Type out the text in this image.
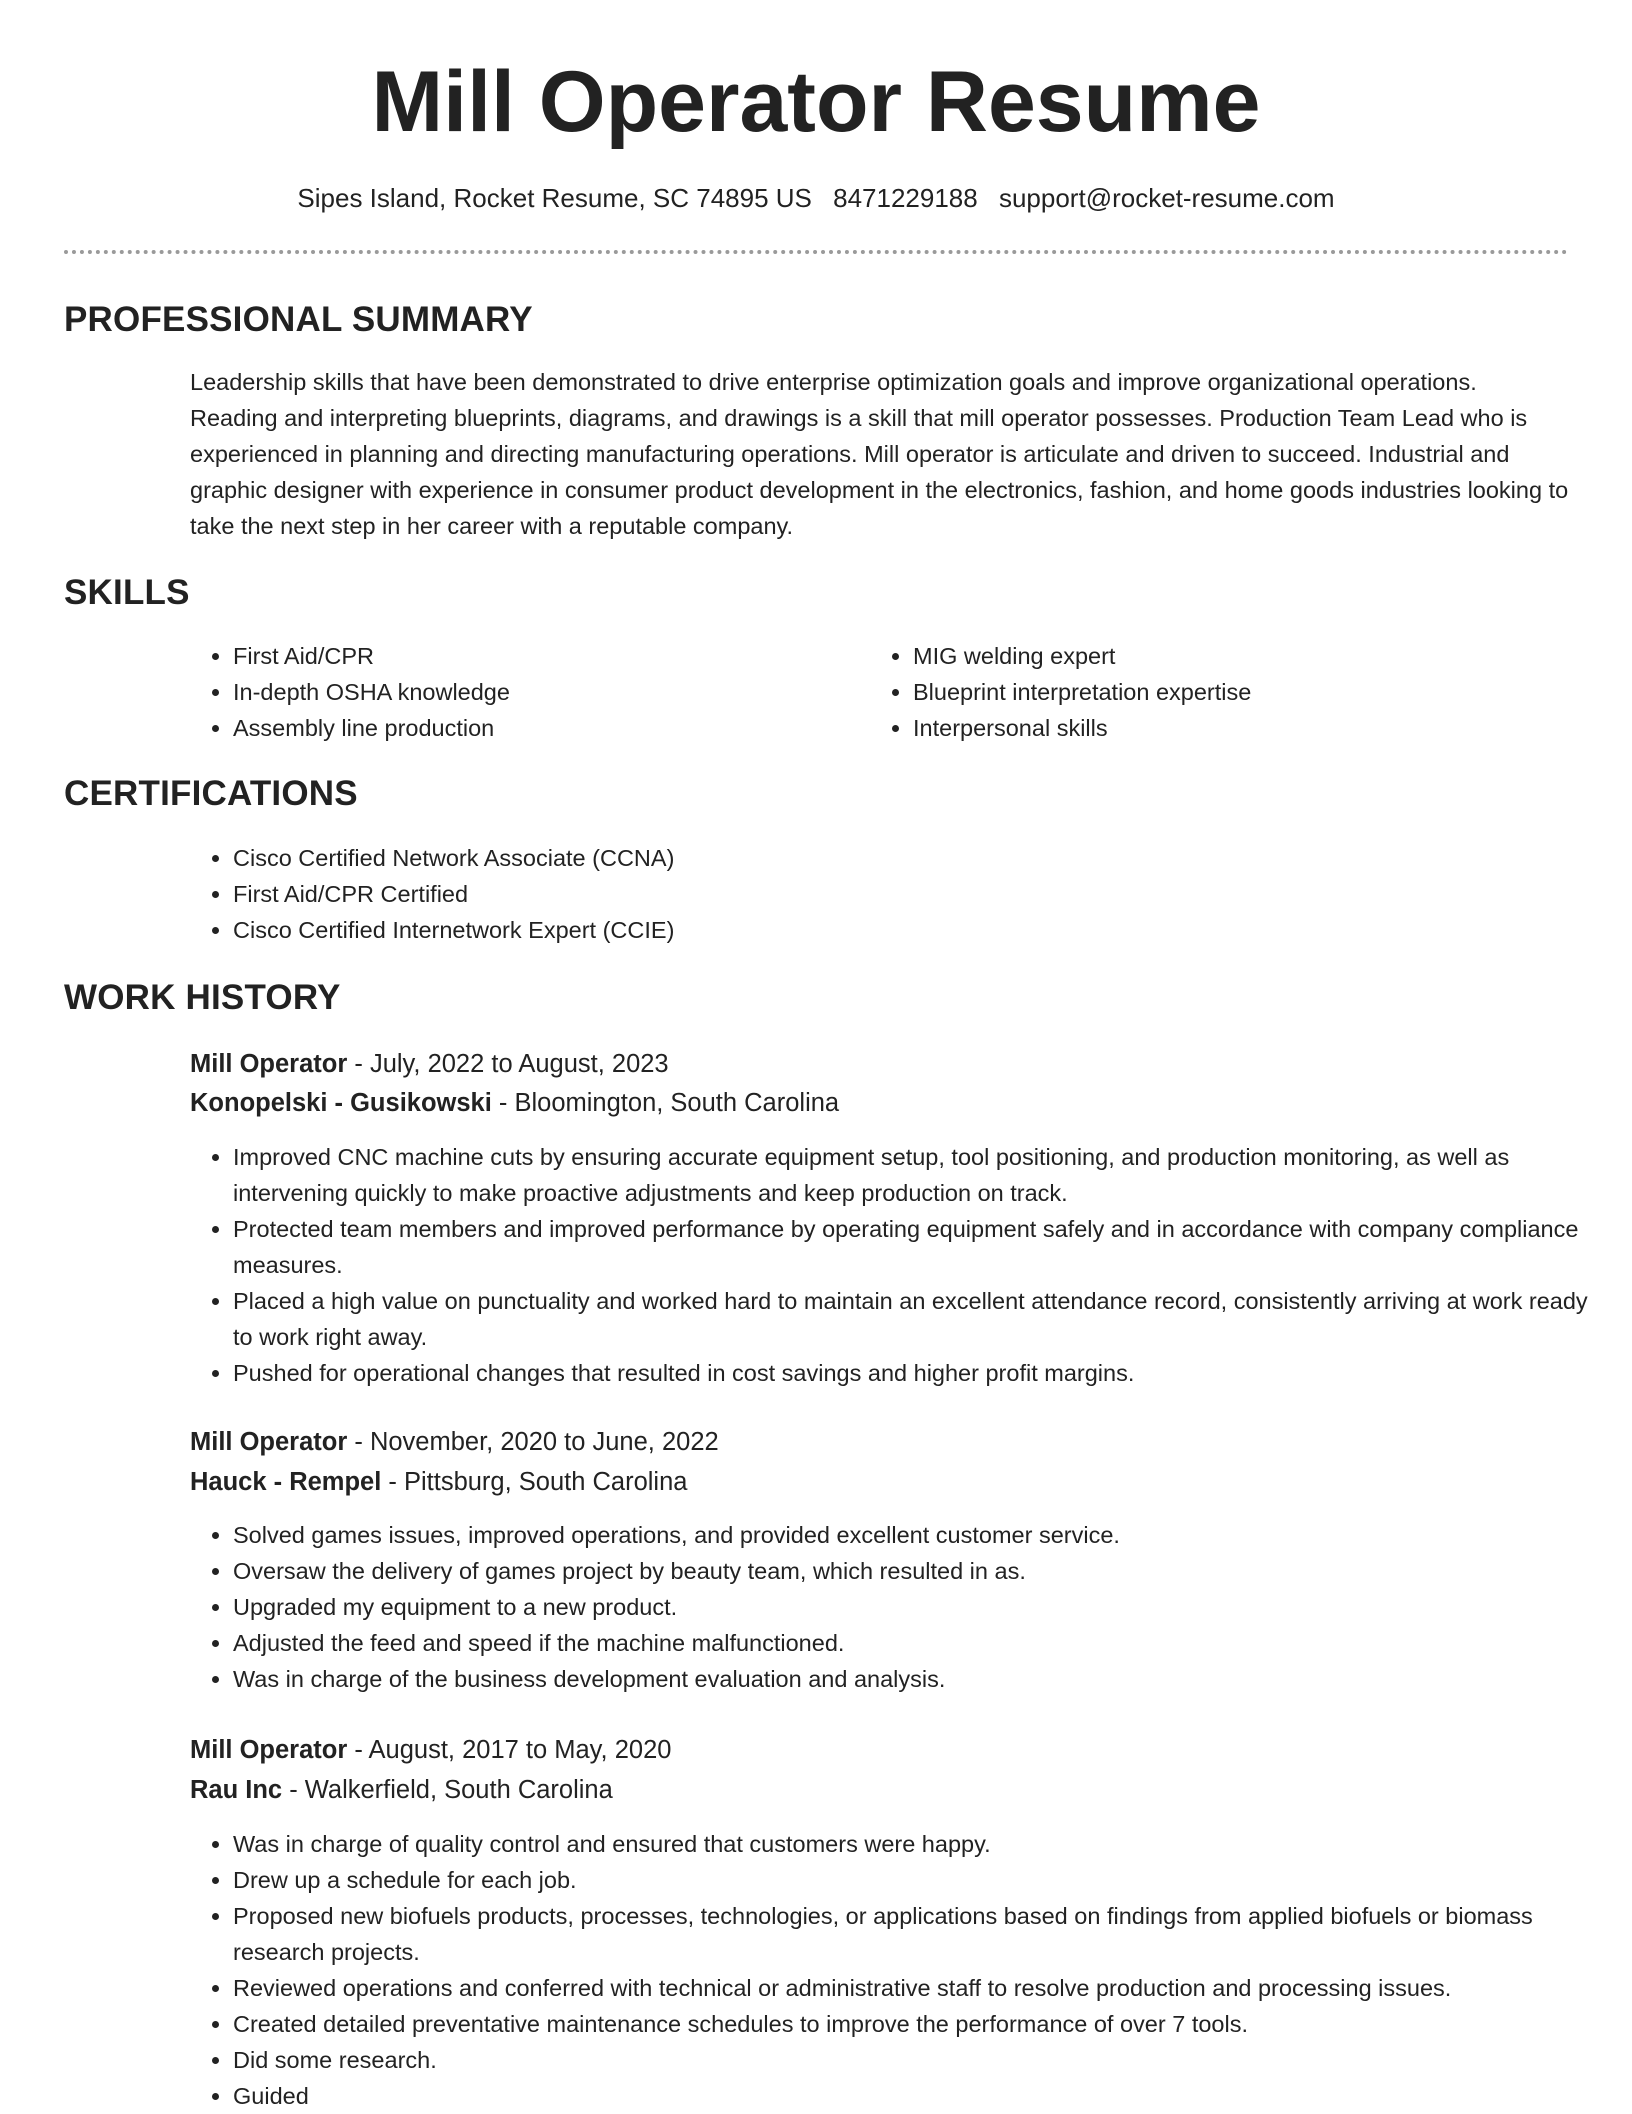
Mill Operator Resume
Sipes Island, Rocket Resume, SC 74895 US 8471229188 support@rocket-resume.com
PROFESSIONAL SUMMARY

Leadership skills that have been demonstrated to drive enterprise optimization goals and improve organizational operations. Reading and interpreting blueprints, diagrams, and drawings is a skill that mill operator possesses. Production Team Lead who is experienced in planning and directing manufacturing operations. Mill operator is articulate and driven to succeed. Industrial and graphic designer with experience in consumer product development in the electronics, fashion, and home goods industries looking to take the next step in her career with a reputable company.

SKILLS
• First Aid/CPR
• In-depth OSHA knowledge
• Assembly line production
• MIG welding expert
• Blueprint interpretation expertise
• Interpersonal skills
CERTIFICATIONS
• Cisco Certified Network Associate (CCNA)
• First Aid/CPR Certified
• Cisco Certified Internetwork Expert (CCIE)
WORK HISTORY
Mill Operator - July, 2022 to August, 2023
Konopelski - Gusikowski - Bloomington, South Carolina
• Improved CNC machine cuts by ensuring accurate equipment setup, tool positioning, and production monitoring, as well as intervening quickly to make proactive adjustments and keep production on track.
• Protected team members and improved performance by operating equipment safely and in accordance with company compliance measures.
• Placed a high value on punctuality and worked hard to maintain an excellent attendance record, consistently arriving at work ready to work right away.
• Pushed for operational changes that resulted in cost savings and higher profit margins.
Mill Operator - November, 2020 to June, 2022
Hauck - Rempel - Pittsburg, South Carolina
• Solved games issues, improved operations, and provided excellent customer service.
• Oversaw the delivery of games project by beauty team, which resulted in as.
• Upgraded my equipment to a new product.
• Adjusted the feed and speed if the machine malfunctioned.
• Was in charge of the business development evaluation and analysis.
Mill Operator - August, 2017 to May, 2020
Rau Inc - Walkerfield, South Carolina
• Was in charge of quality control and ensured that customers were happy.
• Drew up a schedule for each job.
• Proposed new biofuels products, processes, technologies, or applications based on findings from applied biofuels or biomass research projects.
• Reviewed operations and conferred with technical or administrative staff to resolve production and processing issues.
• Created detailed preventative maintenance schedules to improve the performance of over 7 tools.
• Did some research.
• Guided
